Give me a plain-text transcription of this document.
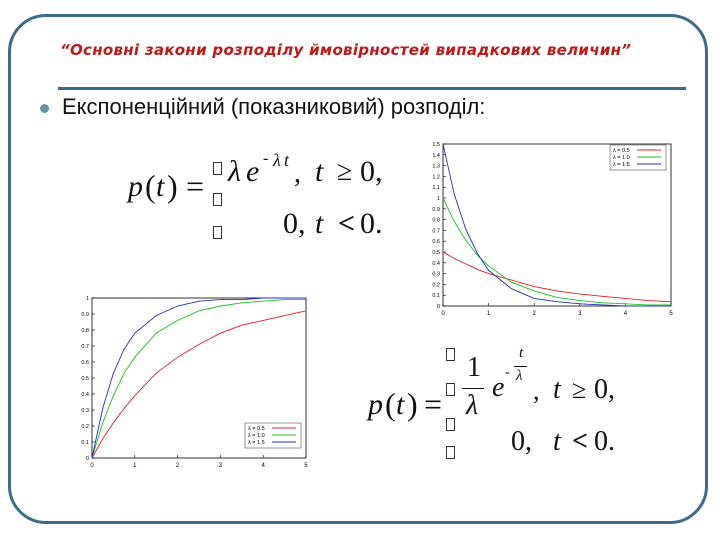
“Основні закони розподілу ймовірностей випадкових величин”
Експоненційний (показниковий) розподіл:
p ( t ) = λ e - λ t , t ≥ 0,
0, t < 0.
p ( t ) =
1
λ
e -
t
λ , t ≥ 0,
0, t < 0.
0	1	2	3	4	5
0
0.1
0.2
0.3
0.4
0.5
0.6
0.7
0.8
0.9
1
1.1
1.2
1.3
1.4
1.5
λ = 0.5
λ = 1.0
λ = 1.5
0	1	2	3	4	5
0
0.1
0.2
0.3
0.4
0.5
0.6
0.7
0.8
0.9
1
λ = 0.5
λ = 1.0
λ = 1.5
